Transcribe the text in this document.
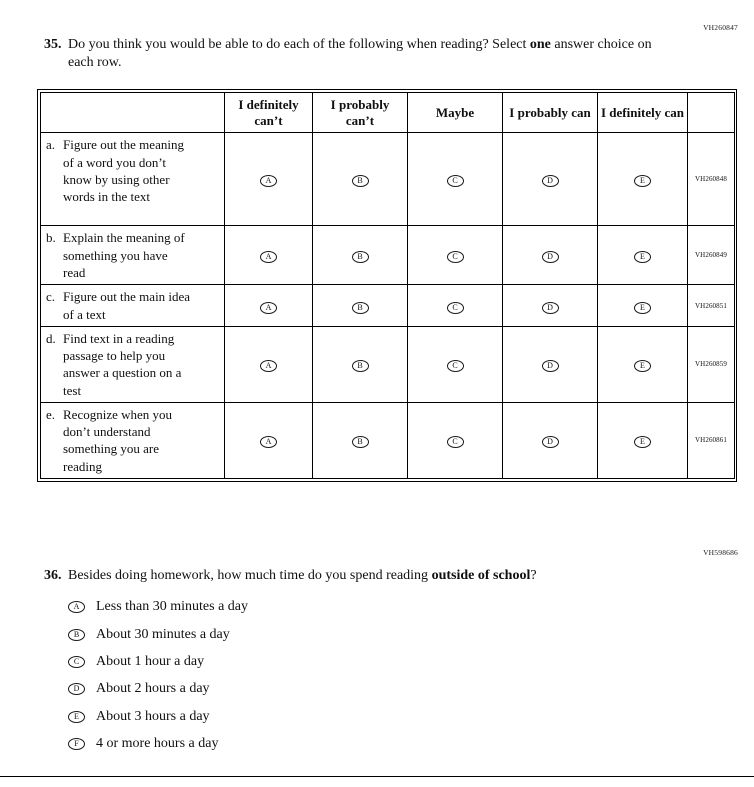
VH260847
35. Do you think you would be able to do each of the following when reading? Select one answer choice on each row.
	I definitely can’t	I probably can’t	Maybe	I probably can	I definitely can	

a. Figure out the meaning of a word you don’t know by using other words in the text	A	B	C	D	E	VH260848

b. Explain the meaning of something you have read	A	B	C	D	E	VH260849

c. Figure out the main idea of a text	A	B	C	D	E	VH260851

d. Find text in a reading passage to help you answer a question on a test	A	B	C	D	E	VH260859

e. Recognize when you don’t understand something you are reading	A	B	C	D	E	VH260861
VH598686
36. Besides doing homework, how much time do you spend reading outside of school?
A	Less than 30 minutes a day
B	About 30 minutes a day
C	About 1 hour a day
D	About 2 hours a day
E	About 3 hours a day
F	4 or more hours a day
